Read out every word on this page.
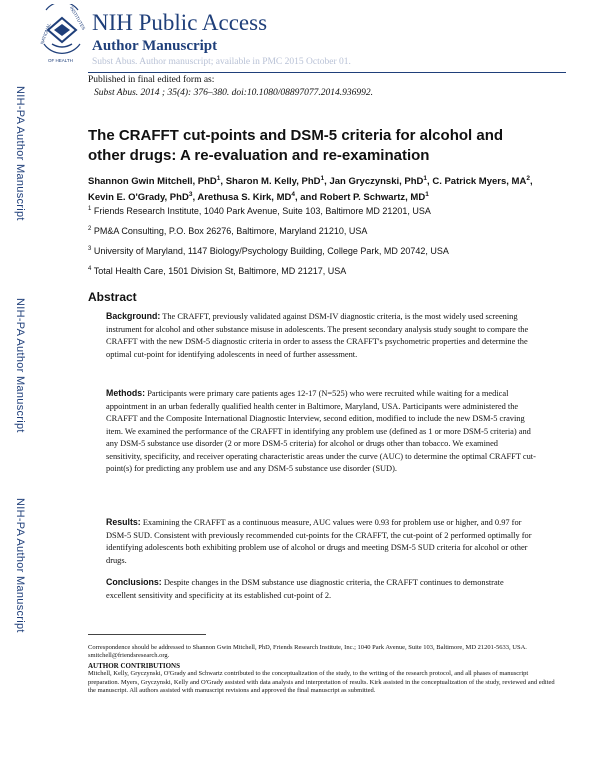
NATIONAL
INSTITUTES
OF HEALTH
NIH Public Access
Author Manuscript
Subst Abus. Author manuscript; available in PMC 2015 October 01.
Published in final edited form as:
Subst Abus. 2014 ; 35(4): 376–380. doi:10.1080/08897077.2014.936992.
NIH-PA Author Manuscript
NIH-PA Author Manuscript
NIH-PA Author Manuscript
The CRAFFT cut-points and DSM-5 criteria for alcohol and other drugs: A re-evaluation and re-examination
Shannon Gwin Mitchell, PhD$^1$, Sharon M. Kelly, PhD$^1$, Jan Gryczynski, PhD$^1$, C. Patrick Myers, $MA^2$, Kevin E. O'Grady, PhD$^3$, Arethusa S. Kirk, $MD^4$, and Robert P. Schwartz, $MD^1$
$^1$ Friends Research Institute, 1040 Park Avenue, Suite 103, Baltimore MD 21201, USA
$^2$ PM&A Consulting, P.O. Box 26276, Baltimore, Maryland 21210, USA
$^3$ University of Maryland, 1147 Biology/Psychology Building, College Park, MD 20742, USA
$^4$ Total Health Care, 1501 Division St, Baltimore, MD 21217, USA
Abstract
Background: The CRAFFT, previously validated against DSM-IV diagnostic criteria, is the most widely used screening instrument for alcohol and other substance misuse in adolescents. The present secondary analysis study sought to compare the CRAFFT with the new DSM-5 diagnostic criteria in order to assess the CRAFFT's psychometric properties and determine the optimal cut-point for identifying adolescents in need of further assessment.
Methods: Participants were primary care patients ages 12-17 (N=525) who were recruited while waiting for a medical appointment in an urban federally qualified health center in Baltimore, Maryland, USA. Participants were administered the CRAFFT and the Composite International Diagnostic Interview, second edition, modified to include the new DSM-5 craving item. We examined the performance of the CRAFFT in identifying any problem use (defined as 1 or more DSM-5 criteria) and any DSM-5 substance use disorder (2 or more DSM-5 criteria) for alcohol or drugs other than tobacco. We examined sensitivity, specificity, and receiver operating characteristic areas under the curve (AUC) to determine the optimal CRAFFT cut-point(s) for predicting any problem use and any DSM-5 substance use disorder (SUD).
Results: Examining the CRAFFT as a continuous measure, AUC values were 0.93 for problem use or higher, and 0.97 for DSM-5 SUD. Consistent with previously recommended cut-points for the CRAFFT, the cut-point of 2 performed optimally for identifying adolescents both exhibiting problem use of alcohol or drugs and meeting DSM-5 SUD criteria for alcohol or other drugs.
Conclusions: Despite changes in the DSM substance use diagnostic criteria, the CRAFFT continues to demonstrate excellent sensitivity and specificity at its established cut-point of 2.
Correspondence should be addressed to Shannon Gwin Mitchell, PhD, Friends Research Institute, Inc.; 1040 Park Avenue, Suite 103, Baltimore, MD 21201-5633, USA. smitchell@friendsresearch.org.
AUTHOR CONTRIBUTIONS
Mitchell, Kelly, Gryczynski, O'Grady and Schwartz contributed to the conceptualization of the study, to the writing of the research protocol, and all phases of manuscript preparation. Myers, Gryczynski, Kelly and O'Grady assisted with data analysis and interpretation of results. Kirk assisted in the conceptualization of the study, reviewed and edited the manuscript. All authors assisted with manuscript revisions and approved the final manuscript as submitted.
